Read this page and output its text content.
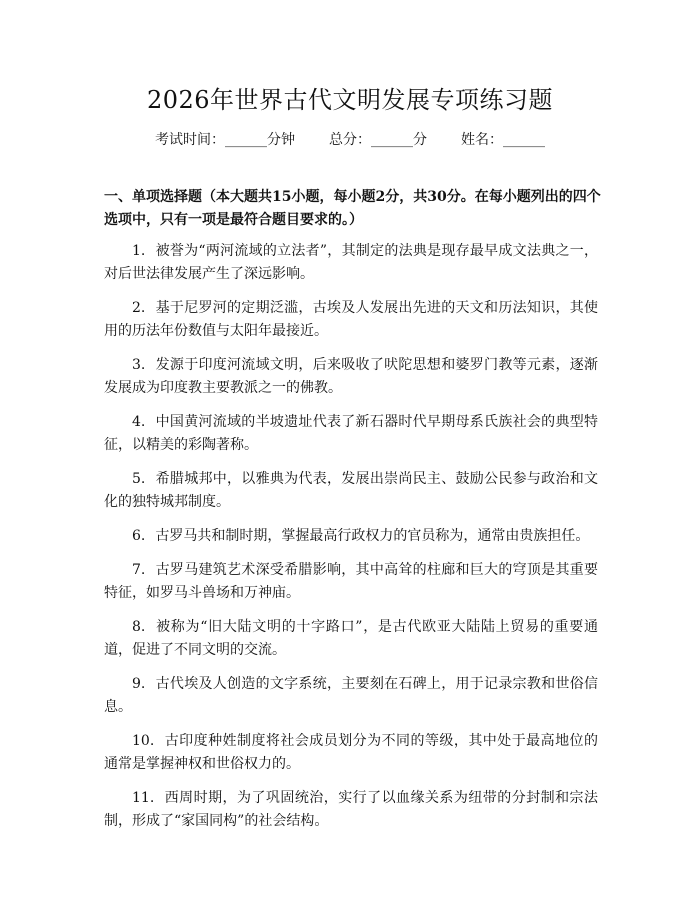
2026年世界古代文明发展专项练习题
考试时间：______分钟 总分：______分 姓名：______
一、单项选择题（本大题共15小题，每小题2分，共30分。在每小题列出的四个选项中，只有一项是最符合题目要求的。）
1. 被誉为“两河流域的立法者”，其制定的法典是现存最早成文法典之一，对后世法律发展产生了深远影响。
2. 基于尼罗河的定期泛滥，古埃及人发展出先进的天文和历法知识，其使用的历法年份数值与太阳年最接近。
3. 发源于印度河流域文明，后来吸收了吠陀思想和婆罗门教等元素，逐渐发展成为印度教主要教派之一的佛教。
4. 中国黄河流域的半坡遗址代表了新石器时代早期母系氏族社会的典型特征，以精美的彩陶著称。
5. 希腊城邦中，以雅典为代表，发展出崇尚民主、鼓励公民参与政治和文化的独特城邦制度。
6. 古罗马共和制时期，掌握最高行政权力的官员称为，通常由贵族担任。
7. 古罗马建筑艺术深受希腊影响，其中高耸的柱廊和巨大的穹顶是其重要特征，如罗马斗兽场和万神庙。
8. 被称为“旧大陆文明的十字路口”，是古代欧亚大陆陆上贸易的重要通道，促进了不同文明的交流。
9. 古代埃及人创造的文字系统，主要刻在石碑上，用于记录宗教和世俗信息。
10. 古印度种姓制度将社会成员划分为不同的等级，其中处于最高地位的通常是掌握神权和世俗权力的。
11. 西周时期，为了巩固统治，实行了以血缘关系为纽带的分封制和宗法制，形成了“家国同构”的社会结构。
